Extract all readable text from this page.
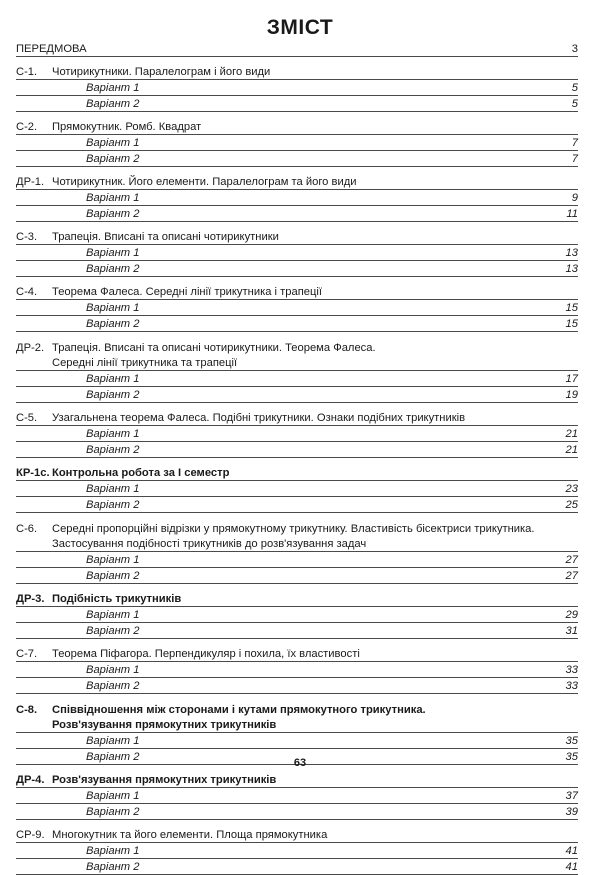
ЗМІСТ
ПЕРЕДМОВА	3
С-1.	Чотирикутники. Паралелограм і його види
Варіант 1	5
Варіант 2	5
С-2.	Прямокутник. Ромб. Квадрат
Варіант 1	7
Варіант 2	7
ДР-1. Чотирикутник. Його елементи. Паралелограм та його види
Варіант 1	9
Варіант 2	11
С-3.	Трапеція. Вписані та описані чотирикутники
Варіант 1	13
Варіант 2	13
С-4.	Теорема Фалеса. Середні лінії трикутника і трапеції
Варіант 1	15
Варіант 2	15
ДР-2. Трапеція. Вписані та описані чотирикутники. Теорема Фалеса.
Середні лінії трикутника та трапеції
Варіант 1	17
Варіант 2	19
С-5.	Узагальнена теорема Фалеса. Подібні трикутники. Ознаки подібних трикутників
Варіант 1	21
Варіант 2	21
КР-1с. Контрольна робота за І семестр
Варіант 1	23
Варіант 2	25
С-6.	Середні пропорційні відрізки у прямокутному трикутнику. Властивість бісектриси трикутника.
Застосування подібності трикутників до розв'язування задач
Варіант 1	27
Варіант 2	27
ДР-3. Подібність трикутників
Варіант 1	29
Варіант 2	31
С-7.	Теорема Піфагора. Перпендикуляр і похила, їх властивості
Варіант 1	33
Варіант 2	33
С-8.	Співвідношення між сторонами і кутами прямокутного трикутника.
Розв'язування прямокутних трикутників
Варіант 1	35
Варіант 2	35
ДР-4. Розв'язування прямокутних трикутників
Варіант 1	37
Варіант 2	39
СР-9. Многокутник та його елементи. Площа прямокутника
Варіант 1	41
Варіант 2	41
63
